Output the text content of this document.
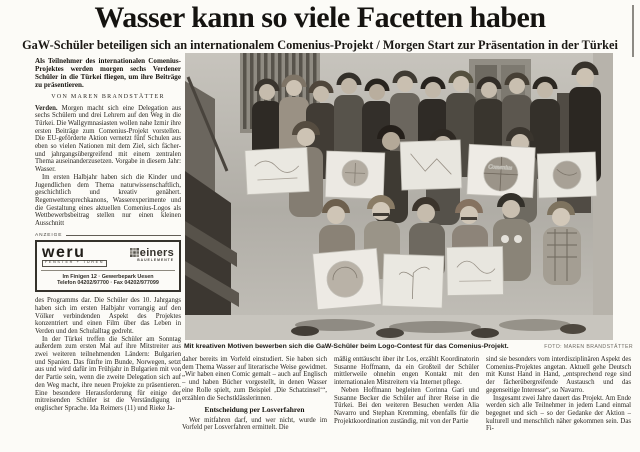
Wasser kann so viele Facetten haben
GaW-Schüler beteiligen sich an internationalem Comenius-Projekt / Morgen Start zur Präsentation in der Türkei

Als Teilnehmer des internationalen Comenius-Projektes werden morgen sechs Verdener Schüler in die Türkei fliegen, um ihre Beiträge zu präsentieren.

VON MAREN BRANDSTÄTTER

Verden. Morgen macht sich eine Delegation aus sechs Schülern und drei Lehrern auf den Weg in die Türkei. Die Wallgymnasiasten wollen nahe Izmir ihre ersten Beiträge zum Comenius-Projekt vorstellen. Die EU-geförderte Aktion vernetzt fünf Schulen aus eben so vielen Nationen mit dem Ziel, sich fächer- und jahrgangsübergreifend mit einem zentralen Thema auseinanderzusetzen. Vorgabe in diesem Jahr: Wasser.

Im ersten Halbjahr haben sich die Kinder und Jugendlichen dem Thema naturwissenschaftlich, geschichtlich und kreativ genähert. Regenwettersprechkanons, Wasserexperimente und die Gestaltung eines aktuellen Comenius-Logos als Wettbewerbsbeitrag stellen nur einen kleinen Ausschnitt

ANZEIGE
weru
FENSTER + TÜREN
einers
BAUELEMENTE
Im Finigen 12 · Gewerbepark Uesen
Telefon 04202/97700 · Fax 04202/977099

des Programms dar. Die Schüler des 10. Jahrgangs haben sich im ersten Halbjahr vorrangig auf den Völker verbindenden Aspekt des Projektes konzentriert und einen Film über das Leben in Verden und den Schulalltag gedreht.

In der Türkei treffen die Schüler am Sonntag außerdem zum ersten Mal auf ihre Mitstreiter aus zwei weiteren teilnehmenden Ländern: Bulgarien und Spanien. Das fünfte im Bunde, Norwegen, setzt aus und wird dafür im Frühjahr in Bulgarien mit von der Partie sein, wenn die zweite Delegation sich auf den Weg macht, ihre neuen Projekte zu präsentieren. Eine besondere Herausforderung für einige der mitreisenden Schüler ist die Verständigung in englischer Sprache. Ida Reimers (11) und Rieke Ja-

Comenius
Mit kreativen Motiven bewerben sich die GaW-Schüler beim Logo-Contest für das Comenius-Projekt.	FOTO: MAREN BRANDSTÄTTER

daher bereits im Vorfeld einstudiert. Sie haben sich dem Thema Wasser auf literarische Weise gewidmet. „Wir haben einen Comic gemalt – auch auf Englisch – und haben Bücher vorgestellt, in denen Wasser eine Rolle spielt, zum Beispiel ‚Die Schatzinsel‘“, erzählen die Sechstklässlerinnen.

Entscheidung per Losverfahren

Wer mitfahren darf, und wer nicht, wurde im Vorfeld per Losverfahren ermittelt. Die

mäßig enttäuscht über ihr Los, erzählt Koordinatorin Susanne Hoffmann, da ein Großteil der Schüler mittlerweile ohnehin engen Kontakt mit den internationalen Mitstreitern via Internet pflege.

Neben Hoffmann begleiten Corinna Gari und Susanne Becker die Schüler auf ihrer Reise in die Türkei. Bei den weiteren Besuchen werden Alia Navarro und Stephan Kremming, ebenfalls für die Projektkoordination zuständig, mit von der Partie

sind sie besonders vom interdisziplinären Aspekt des Comenius-Projektes angetan. Aktuell gehe Deutsch mit Kunst Hand in Hand, „entsprechend rege sind der fächerübergreifende Austausch und das gegenseitige Interesse“, so Navarro.

Insgesamt zwei Jahre dauert das Projekt. Am Ende werden sich alle Teilnehmer in jedem Land einmal begegnet und sich – so der Gedanke der Aktion – kulturell und menschlich näher gekommen sein. Das Fi-
